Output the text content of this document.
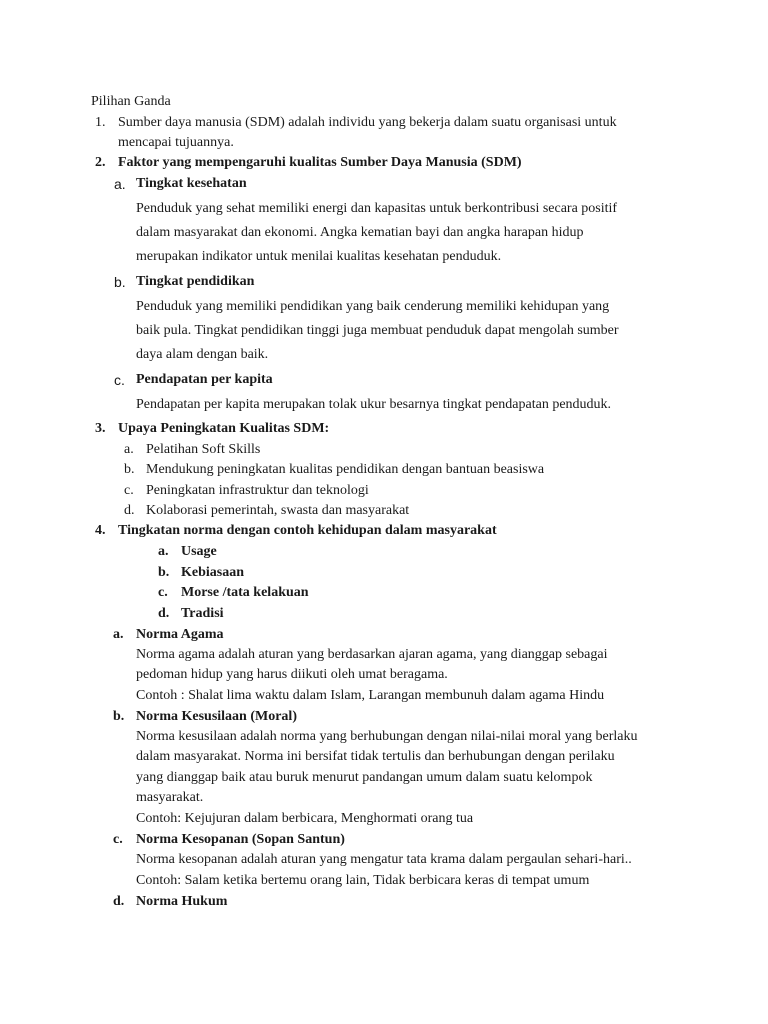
Pilihan Ganda
1. Sumber daya manusia (SDM) adalah individu yang bekerja dalam suatu organisasi untuk
mencapai tujuannya.
2. Faktor yang mempengaruhi kualitas Sumber Daya Manusia (SDM)
a. Tingkat kesehatan
Penduduk yang sehat memiliki energi dan kapasitas untuk berkontribusi secara positif
dalam masyarakat dan ekonomi. Angka kematian bayi dan angka harapan hidup
merupakan indikator untuk menilai kualitas kesehatan penduduk.
b. Tingkat pendidikan
Penduduk yang memiliki pendidikan yang baik cenderung memiliki kehidupan yang
baik pula. Tingkat pendidikan tinggi juga membuat penduduk dapat mengolah sumber
daya alam dengan baik.
c. Pendapatan per kapita
Pendapatan per kapita merupakan tolak ukur besarnya tingkat pendapatan penduduk.
3. Upaya Peningkatan Kualitas SDM:
a. Pelatihan Soft Skills
b. Mendukung peningkatan kualitas pendidikan dengan bantuan beasiswa
c. Peningkatan infrastruktur dan teknologi
d. Kolaborasi pemerintah, swasta dan masyarakat
4. Tingkatan norma dengan contoh kehidupan dalam masyarakat
a. Usage
b. Kebiasaan
c. Morse /tata kelakuan
d. Tradisi
a. Norma Agama
Norma agama adalah aturan yang berdasarkan ajaran agama, yang dianggap sebagai
pedoman hidup yang harus diikuti oleh umat beragama.
Contoh : Shalat lima waktu dalam Islam, Larangan membunuh dalam agama Hindu
b. Norma Kesusilaan (Moral)
Norma kesusilaan adalah norma yang berhubungan dengan nilai-nilai moral yang berlaku
dalam masyarakat. Norma ini bersifat tidak tertulis dan berhubungan dengan perilaku
yang dianggap baik atau buruk menurut pandangan umum dalam suatu kelompok
masyarakat.
Contoh: Kejujuran dalam berbicara, Menghormati orang tua
c. Norma Kesopanan (Sopan Santun)
Norma kesopanan adalah aturan yang mengatur tata krama dalam pergaulan sehari-hari..
Contoh: Salam ketika bertemu orang lain, Tidak berbicara keras di tempat umum
d. Norma Hukum
